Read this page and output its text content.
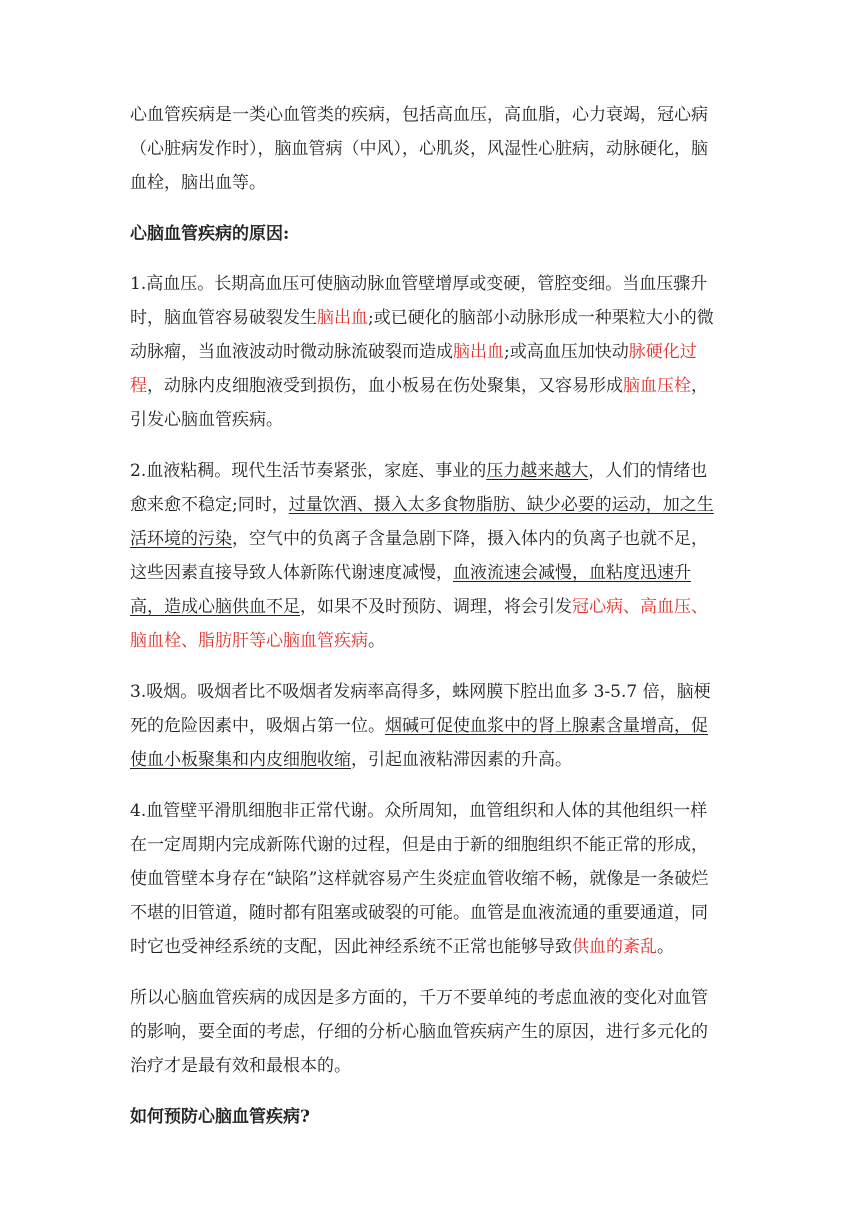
心血管疾病是一类心血管类的疾病，包括高血压，高血脂，心力衰竭，冠心病（心脏病发作时），脑血管病（中风），心肌炎，风湿性心脏病，动脉硬化，脑血栓，脑出血等。

心脑血管疾病的原因:

1.高血压。长期高血压可使脑动脉血管壁增厚或变硬，管腔变细。当血压骤升时，脑血管容易破裂发生脑出血;或已硬化的脑部小动脉形成一种栗粒大小的微动脉瘤，当血液波动时微动脉流破裂而造成脑出血;或高血压加快动脉硬化过程，动脉内皮细胞液受到损伤，血小板易在伤处聚集，又容易形成脑血压栓，引发心脑血管疾病。

2.血液粘稠。现代生活节奏紧张，家庭、事业的压力越来越大，人们的情绪也愈来愈不稳定;同时，过量饮酒、摄入太多食物脂肪、缺少必要的运动，加之生活环境的污染，空气中的负离子含量急剧下降，摄入体内的负离子也就不足，这些因素直接导致人体新陈代谢速度减慢，血液流速会减慢，血粘度迅速升高，造成心脑供血不足，如果不及时预防、调理，将会引发冠心病、高血压、脑血栓、脂肪肝等心脑血管疾病。

3.吸烟。吸烟者比不吸烟者发病率高得多，蛛网膜下腔出血多 3-5.7 倍，脑梗死的危险因素中，吸烟占第一位。烟碱可促使血浆中的肾上腺素含量增高，促使血小板聚集和内皮细胞收缩，引起血液粘滞因素的升高。

4.血管壁平滑肌细胞非正常代谢。众所周知，血管组织和人体的其他组织一样在一定周期内完成新陈代谢的过程，但是由于新的细胞组织不能正常的形成，使血管壁本身存在“缺陷”这样就容易产生炎症血管收缩不畅，就像是一条破烂不堪的旧管道，随时都有阻塞或破裂的可能。血管是血液流通的重要通道，同时它也受神经系统的支配，因此神经系统不正常也能够导致供血的紊乱。

所以心脑血管疾病的成因是多方面的，千万不要单纯的考虑血液的变化对血管的影响，要全面的考虑，仔细的分析心脑血管疾病产生的原因，进行多元化的治疗才是最有效和最根本的。

如何预防心脑血管疾病?
